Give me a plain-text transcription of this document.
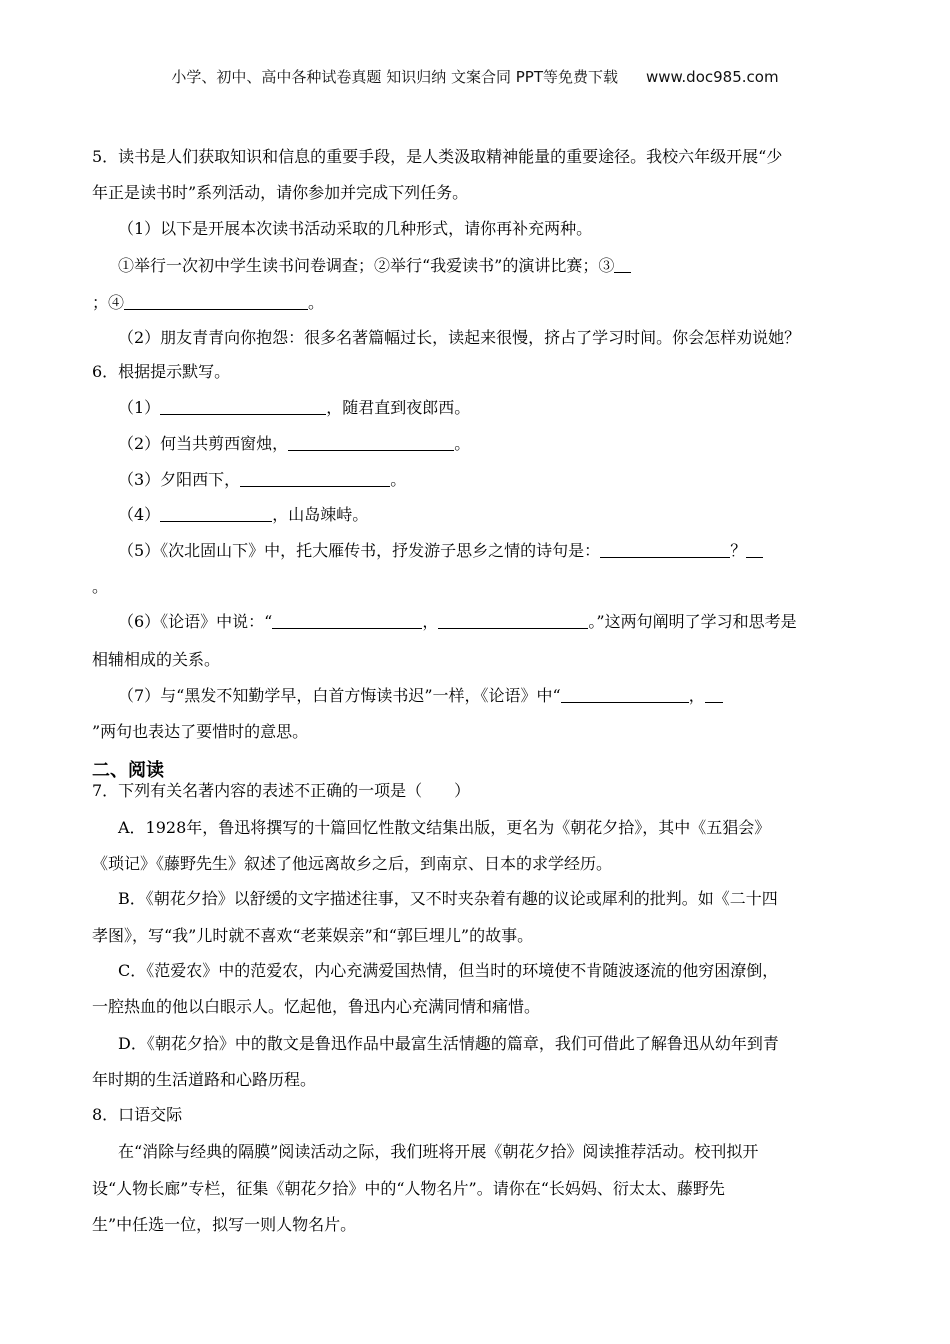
小学、初中、高中各种试卷真题 知识归纳 文案合同 PPT等免费下载 www.doc985.com
5．读书是人们获取知识和信息的重要手段，是人类汲取精神能量的重要途径。我校六年级开展“少
年正是读书时”系列活动，请你参加并完成下列任务。
（1）以下是开展本次读书活动采取的几种形式，请你再补充两种。
①举行一次初中学生读书问卷调查；②举行“我爱读书”的演讲比赛；③
；④	。
（2）朋友青青向你抱怨：很多名著篇幅过长，读起来很慢，挤占了学习时间。你会怎样劝说她？
6．根据提示默写。
（1）	，随君直到夜郎西。
（2）何当共剪西窗烛，	。
（3）夕阳西下，	。
（4）	，山岛竦峙。
（5）《次北固山下》中，托大雁传书，抒发游子思乡之情的诗句是：	？
。
（6）《论语》中说：“	，	。”这两句阐明了学习和思考是
相辅相成的关系。
（7）与“黑发不知勤学早，白首方悔读书迟”一样，《论语》中“	，
”两句也表达了要惜时的意思。
二、阅读
7．下列有关名著内容的表述不正确的一项是（　　）
A．1928年，鲁迅将撰写的十篇回忆性散文结集出版，更名为《朝花夕拾》，其中《五猖会》
《琐记》《藤野先生》叙述了他远离故乡之后，到南京、日本的求学经历。
B．《朝花夕拾》以舒缓的文字描述往事，又不时夹杂着有趣的议论或犀利的批判。如《二十四
孝图》，写“我”儿时就不喜欢“老莱娱亲”和“郭巨埋儿”的故事。
C．《范爱农》中的范爱农，内心充满爱国热情，但当时的环境使不肯随波逐流的他穷困潦倒，
一腔热血的他以白眼示人。忆起他，鲁迅内心充满同情和痛惜。
D．《朝花夕拾》中的散文是鲁迅作品中最富生活情趣的篇章，我们可借此了解鲁迅从幼年到青
年时期的生活道路和心路历程。
8．口语交际
在“消除与经典的隔膜”阅读活动之际，我们班将开展《朝花夕拾》阅读推荐活动。校刊拟开
设“人物长廊”专栏，征集《朝花夕拾》中的“人物名片”。请你在“长妈妈、衍太太、藤野先
生”中任选一位，拟写一则人物名片。
